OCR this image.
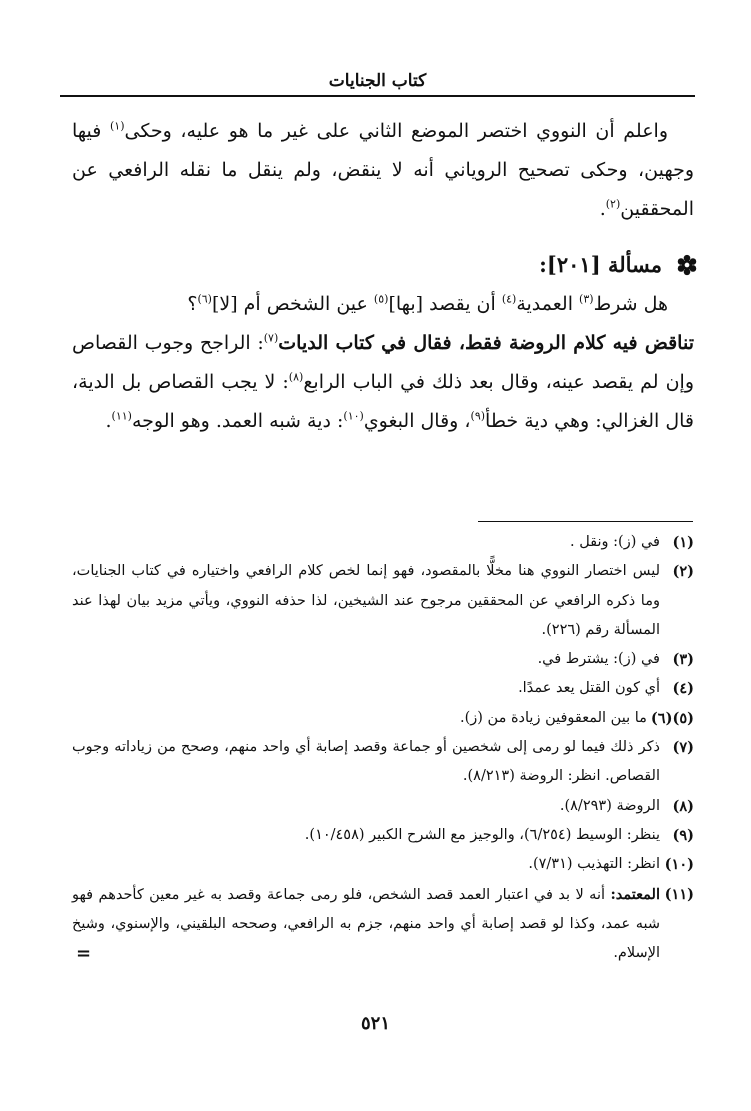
كتاب الجنايات

واعلم أن النووي اختصر الموضع الثاني على غير ما هو عليه، وحكى$^{(١)}$ فيها وجهين، وحكى تصحيح الروياني أنه لا ينقض، ولم ينقل ما نقله الرافعي عن المحققين$^{(٢)}$.

مسألة [٢٠١]:

هل شرط$^{(٣)}$ العمدية$^{(٤)}$ أن يقصد [بها]$^{(٥)}$ عين الشخص أم [لا]$^{(٦)}$؟

تناقض فيه كلام الروضة فقط، فقال في كتاب الديات$^{(٧)}$: الراجح وجوب القصاص وإن لم يقصد عينه، وقال بعد ذلك في الباب الرابع$^{(٨)}$: لا يجب القصاص بل الدية، قال الغزالي: وهي دية خطأ$^{(٩)}$، وقال البغوي$^{(١٠)}$: دية شبه العمد. وهو الوجه$^{(١١)}$.

(١)
في (ز): ونقل .
(٢)
ليس اختصار النووي هنا مخلًّا بالمقصود، فهو إنما لخص كلام الرافعي واختياره في كتاب الجنايات، وما ذكره الرافعي عن المحققين مرجوح عند الشيخين، لذا حذفه النووي، ويأتي مزيد بيان لهذا عند المسألة رقم (٢٢٦).
(٣)
في (ز): يشترط في.
(٤)
أي كون القتل يعد عمدًا.
(٥)(٦)
ما بين المعقوفين زيادة من (ز).
(٧)
ذكر ذلك فيما لو رمى إلى شخصين أو جماعة وقصد إصابة أي واحد منهم، وصحح من زياداته وجوب القصاص. انظر: الروضة (٨/٢١٣).
(٨)
الروضة (٨/٢٩٣).
(٩)
ينظر: الوسيط (٦/٢٥٤)، والوجيز مع الشرح الكبير (١٠/٤٥٨).
(١٠)
انظر: التهذيب (٧/٣١).
(١١)
المعتمد: أنه لا بد في اعتبار العمد قصد الشخص، فلو رمى جماعة وقصد به غير معين كأحدهم فهو شبه عمد، وكذا لو قصد إصابة أي واحد منهم، جزم به الرافعي، وصححه البلقيني، والإسنوي، وشيخ الإسلام.
=
٥٢١
